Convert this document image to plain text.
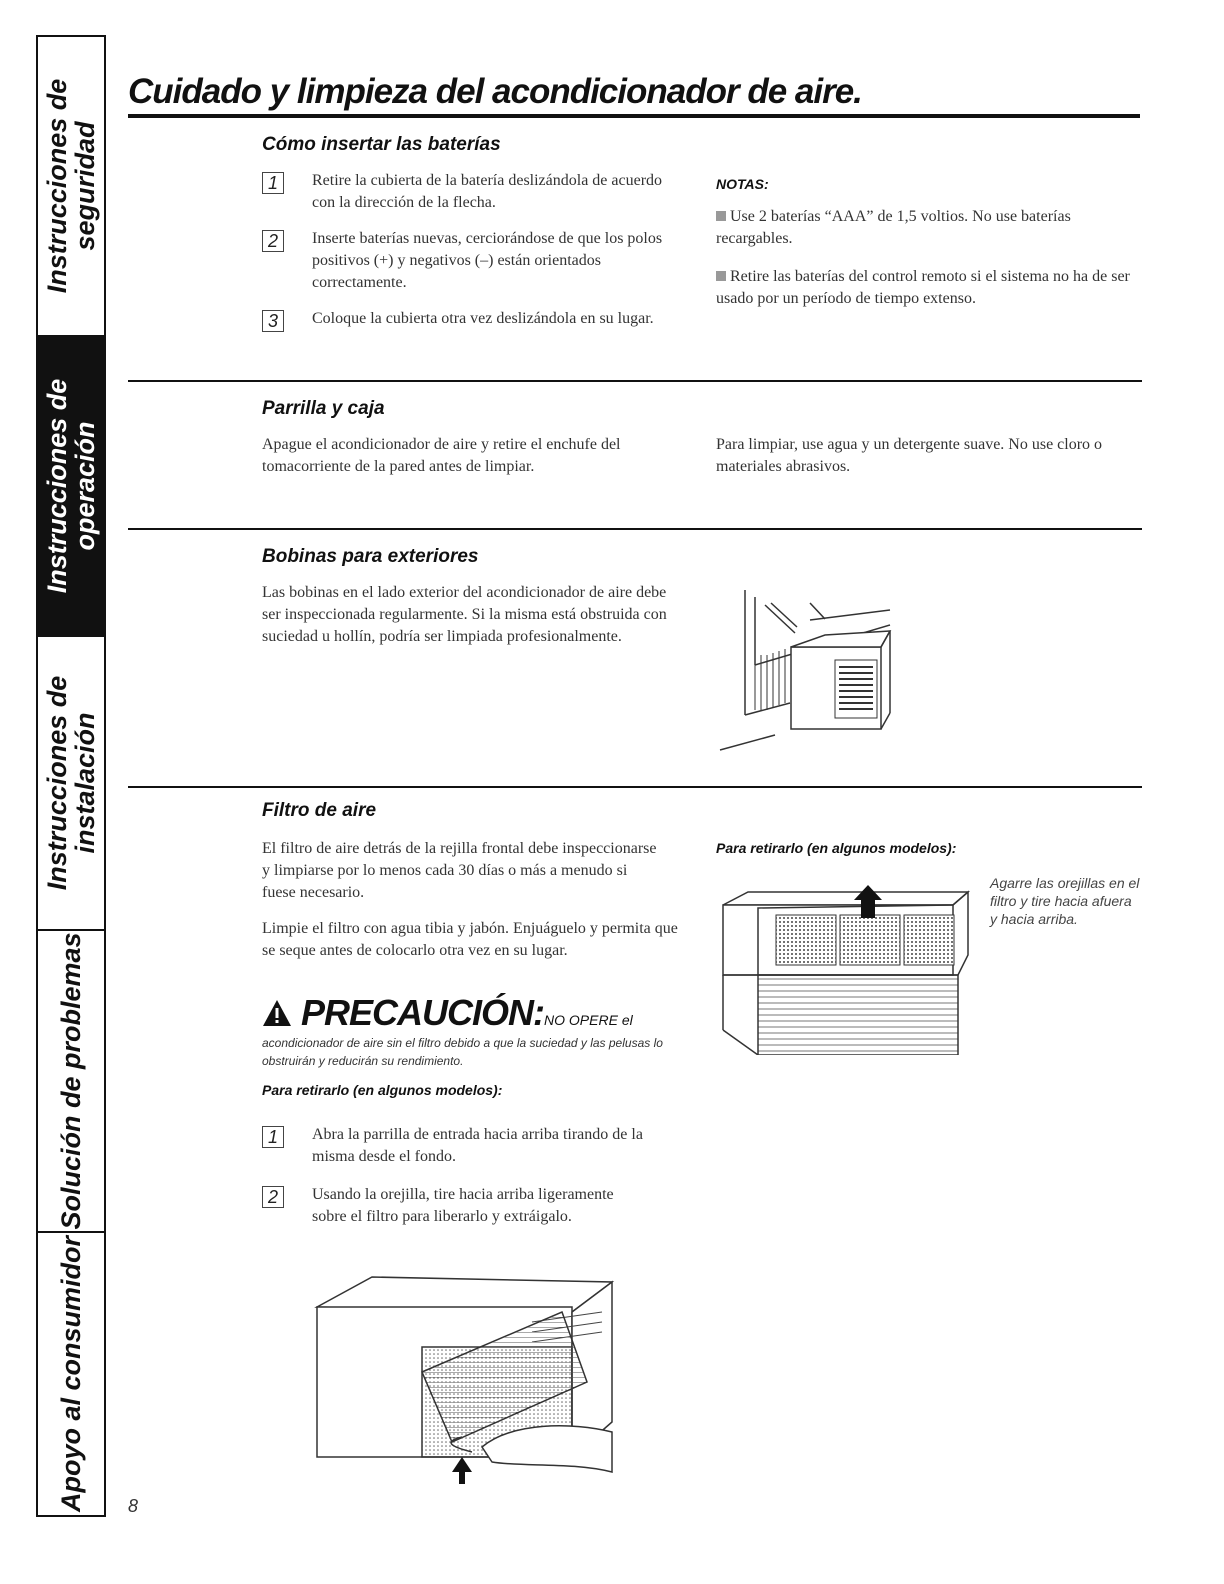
Instrucciones de seguridad
Instrucciones de operación
Instrucciones de instalación
Solución de problemas
Apoyo al consumidor
Cuidado y limpieza del acondicionador de aire.
Cómo insertar las baterías
1	Retire la cubierta de la batería deslizándola de acuerdo con la dirección de la flecha.

2	Inserte baterías nuevas, cerciorándose de que los polos positivos (+) y negativos (–) están orientados correctamente.

3	Coloque la cubierta otra vez deslizándola en su lugar.

NOTAS:
Use 2 baterías “AAA” de 1,5 voltios. No use baterías recargables.
Retire las baterías del control remoto si el sistema no ha de ser usado por un período de tiempo extenso.
Parrilla y caja

Apague el acondicionador de aire y retire el enchufe del tomacorriente de la pared antes de limpiar.

Para limpiar, use agua y un detergente suave. No use cloro o materiales abrasivos.

Bobinas para exteriores

Las bobinas en el lado exterior del acondicionador de aire debe ser inspeccionada regularmente. Si la misma está obstruida con suciedad u hollín, podría ser limpiada profesionalmente.

Filtro de aire

El filtro de aire detrás de la rejilla frontal debe inspeccionarse y limpiarse por lo menos cada 30 días o más a menudo si fuese necesario.

Limpie el filtro con agua tibia y jabón. Enjuáguelo y permita que se seque antes de colocarlo otra vez en su lugar.

PRECAUCIÓN:NO OPERE el
acondicionador de aire sin el filtro debido a que la suciedad y las pelusas lo obstruirán y reducirán su rendimiento.
Para retirarlo (en algunos modelos):
1	Abra la parrilla de entrada hacia arriba tirando de la misma desde el fondo.

2	Usando la orejilla, tire hacia arriba ligeramente sobre el filtro para liberarlo y extráigalo.

Para retirarlo (en algunos modelos):
Agarre las orejillas en el filtro y tire hacia afuera y hacia arriba.
8
